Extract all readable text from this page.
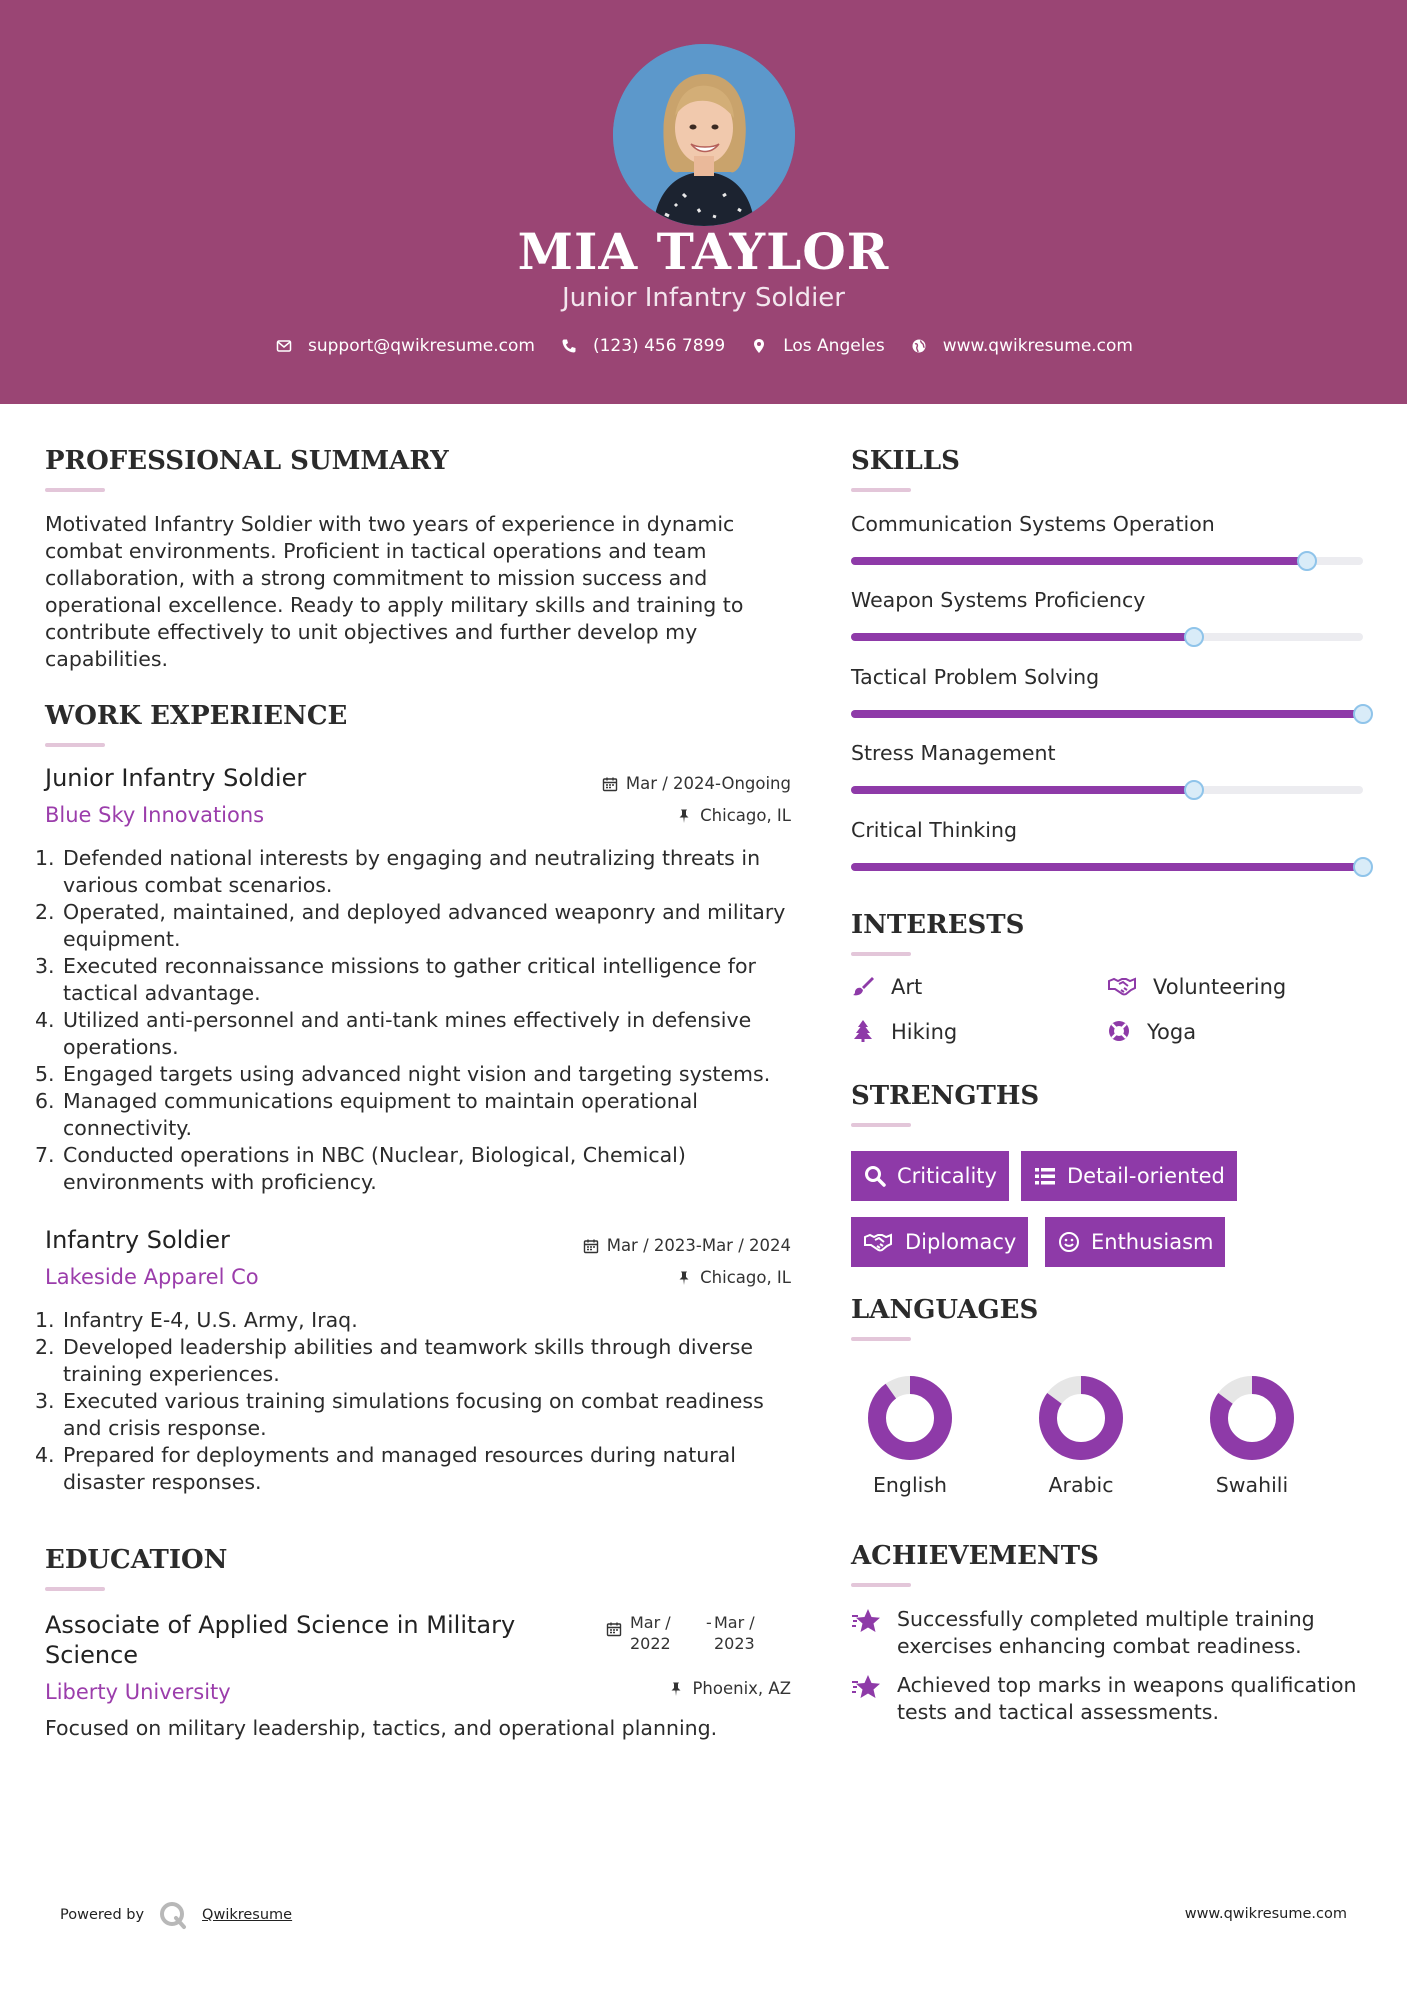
MIA TAYLOR
Junior Infantry Soldier
support@qwikresume.com	(123) 456 7899	Los Angeles	www.qwikresume.com
PROFESSIONAL SUMMARY
Motivated Infantry Soldier with two years of experience in dynamic combat environments. Proficient in tactical operations and team collaboration, with a strong commitment to mission success and operational excellence. Ready to apply military skills and training to contribute effectively to unit objectives and further develop my capabilities.
WORK EXPERIENCE
Junior Infantry Soldier	Mar / 2024-Ongoing
Blue Sky Innovations	Chicago, IL
Defended national interests by engaging and neutralizing threats in various combat scenarios.
Operated, maintained, and deployed advanced weaponry and military equipment.
Executed reconnaissance missions to gather critical intelligence for tactical advantage.
Utilized anti-personnel and anti-tank mines effectively in defensive operations.
Engaged targets using advanced night vision and targeting systems.
Managed communications equipment to maintain operational connectivity.
Conducted operations in NBC (Nuclear, Biological, Chemical) environments with proficiency.
Infantry Soldier	Mar / 2023-Mar / 2024
Lakeside Apparel Co	Chicago, IL
Infantry E-4, U.S. Army, Iraq.
Developed leadership abilities and teamwork skills through diverse training experiences.
Executed various training simulations focusing on combat readiness and crisis response.
Prepared for deployments and managed resources during natural disaster responses.
EDUCATION
Associate of Applied Science in Military Science
Mar /
2022
- Mar /
2023
Liberty University	Phoenix, AZ
Focused on military leadership, tactics, and operational planning.
SKILLS
Communication Systems Operation
Weapon Systems Proficiency
Tactical Problem Solving
Stress Management
Critical Thinking
INTERESTS
Art	Volunteering
Hiking	Yoga
STRENGTHS
Criticality	Detail-oriented
Diplomacy	Enthusiasm
LANGUAGES
English	Arabic	Swahili
ACHIEVEMENTS
Successfully completed multiple training exercises enhancing combat readiness.
Achieved top marks in weapons qualification tests and tactical assessments.
Powered by	Qwikresume	www.qwikresume.com
